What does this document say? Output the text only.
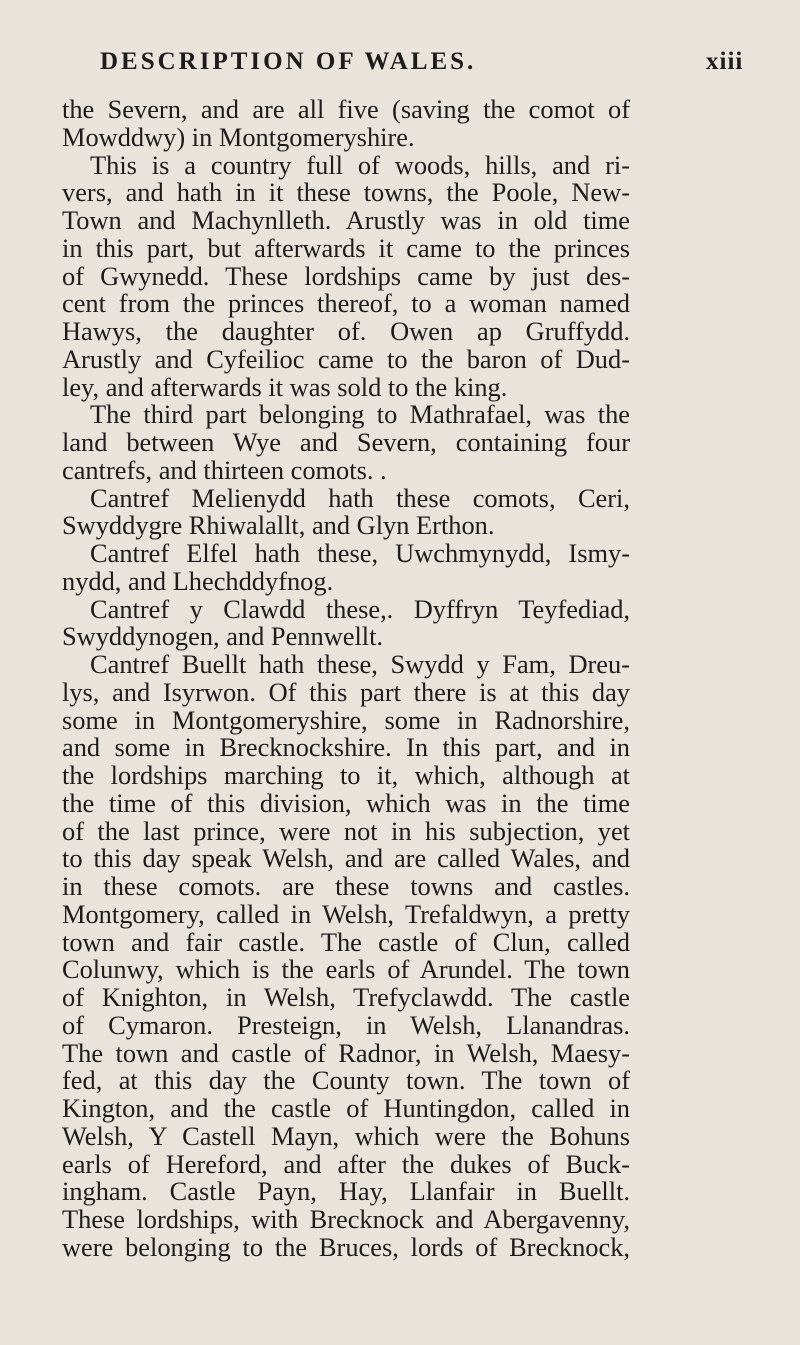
DESCRIPTION OF WALES.	xiii
the Severn, and are all five (saving the comot of
Mowddwy) in Montgomeryshire.
This is a country full of woods, hills, and ri-
vers, and hath in it these towns, the Poole, New-
Town and Machynlleth. Arustly was in old time
in this part, but afterwards it came to the princes
of Gwynedd. These lordships came by just des-
cent from the princes thereof, to a woman named
Hawys, the daughter of. Owen ap Gruffydd.
Arustly and Cyfeilioc came to the baron of Dud-
ley, and afterwards it was sold to the king.
The third part belonging to Mathrafael, was the
land between Wye and Severn, containing four
cantrefs, and thirteen comots. .
Cantref Melienydd hath these comots, Ceri,
Swyddygre Rhiwalallt, and Glyn Erthon.
Cantref Elfel hath these, Uwchmynydd, Ismy-
nydd, and Lhechddyfnog.
Cantref y Clawdd these,. Dyffryn Teyfediad,
Swyddynogen, and Pennwellt.
Cantref Buellt hath these, Swydd y Fam, Dreu-
lys, and Isyrwon. Of this part there is at this day
some in Montgomeryshire, some in Radnorshire,
and some in Brecknockshire. In this part, and in
the lordships marching to it, which, although at
the time of this division, which was in the time
of the last prince, were not in his subjection, yet
to this day speak Welsh, and are called Wales, and
in these comots. are these towns and castles.
Montgomery, called in Welsh, Trefaldwyn, a pretty
town and fair castle. The castle of Clun, called
Colunwy, which is the earls of Arundel. The town
of Knighton, in Welsh, Trefyclawdd. The castle
of Cymaron. Presteign, in Welsh, Llanandras.
The town and castle of Radnor, in Welsh, Maesy-
fed, at this day the County town. The town of
Kington, and the castle of Huntingdon, called in
Welsh, Y Castell Mayn, which were the Bohuns
earls of Hereford, and after the dukes of Buck-
ingham. Castle Payn, Hay, Llanfair in Buellt.
These lordships, with Brecknock and Abergavenny,
were belonging to the Bruces, lords of Brecknock,
